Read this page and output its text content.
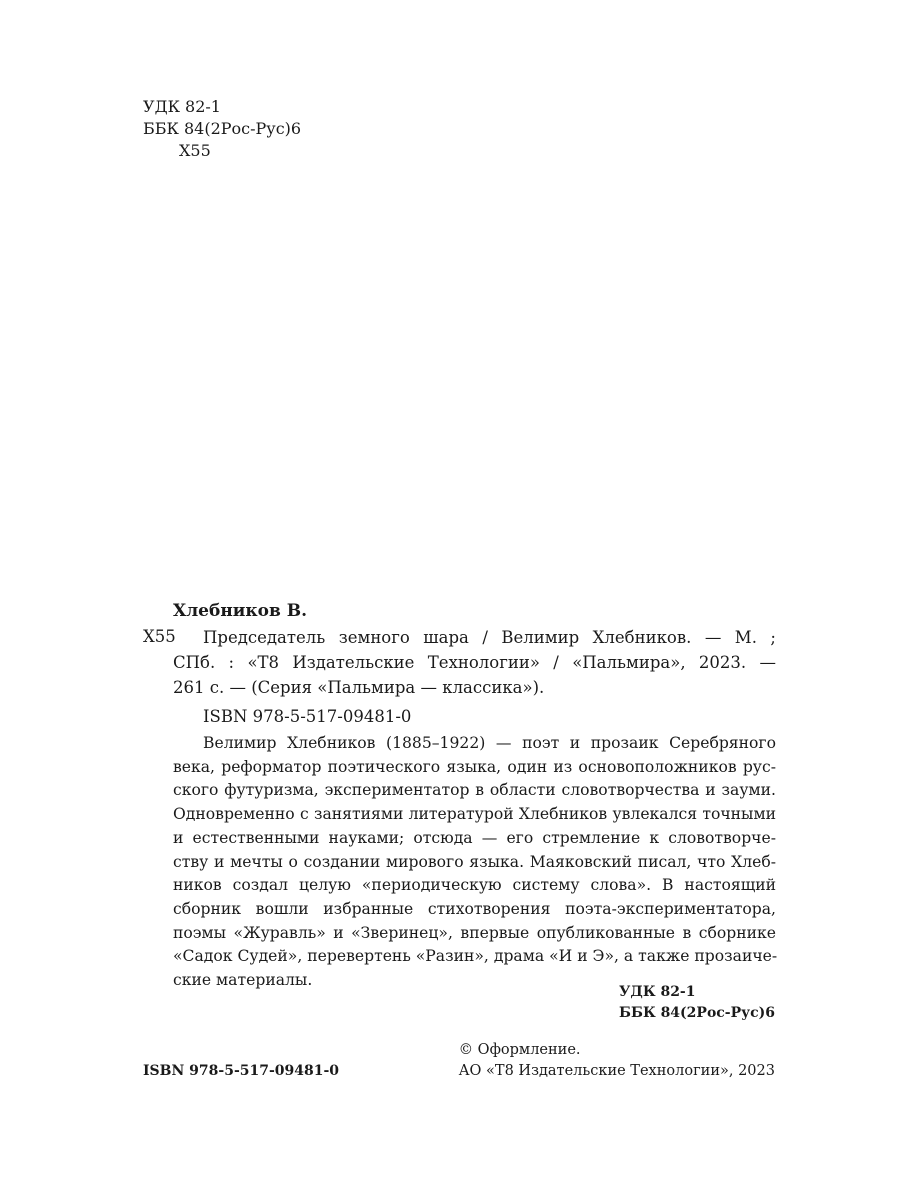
УДК 82-1
ББК 84(2Рос-Рус)6
Х55
Хлебников В.
Х55	Председатель земного шара / Велимир Хлебников. — М. ;
СПб. : «Т8 Издательские Технологии» / «Пальмира», 2023. —
261 с. — (Серия «Пальмира — классика»).
ISBN 978-5-517-09481-0
Велимир Хлебников (1885–1922) — поэт и прозаик Серебряного
века, реформатор поэтического языка, один из основоположников рус-
ского футуризма, экспериментатор в области словотворчества и зауми.
Одновременно с занятиями литературой Хлебников увлекался точными
и естественными науками; отсюда — его стремление к словотворче-
ству и мечты о создании мирового языка. Маяковский писал, что Хлеб-
ников создал целую «периодическую систему слова». В настоящий
сборник вошли избранные стихотворения поэта-экспериментатора,
поэмы «Журавль» и «Зверинец», впервые опубликованные в сборнике
«Садок Судей», перевертень «Разин», драма «И и Э», а также прозаиче-
ские материалы.
УДК 82-1
ББК 84(2Рос-Рус)6
© Оформление.
АО «Т8 Издательские Технологии», 2023
ISBN 978-5-517-09481-0
